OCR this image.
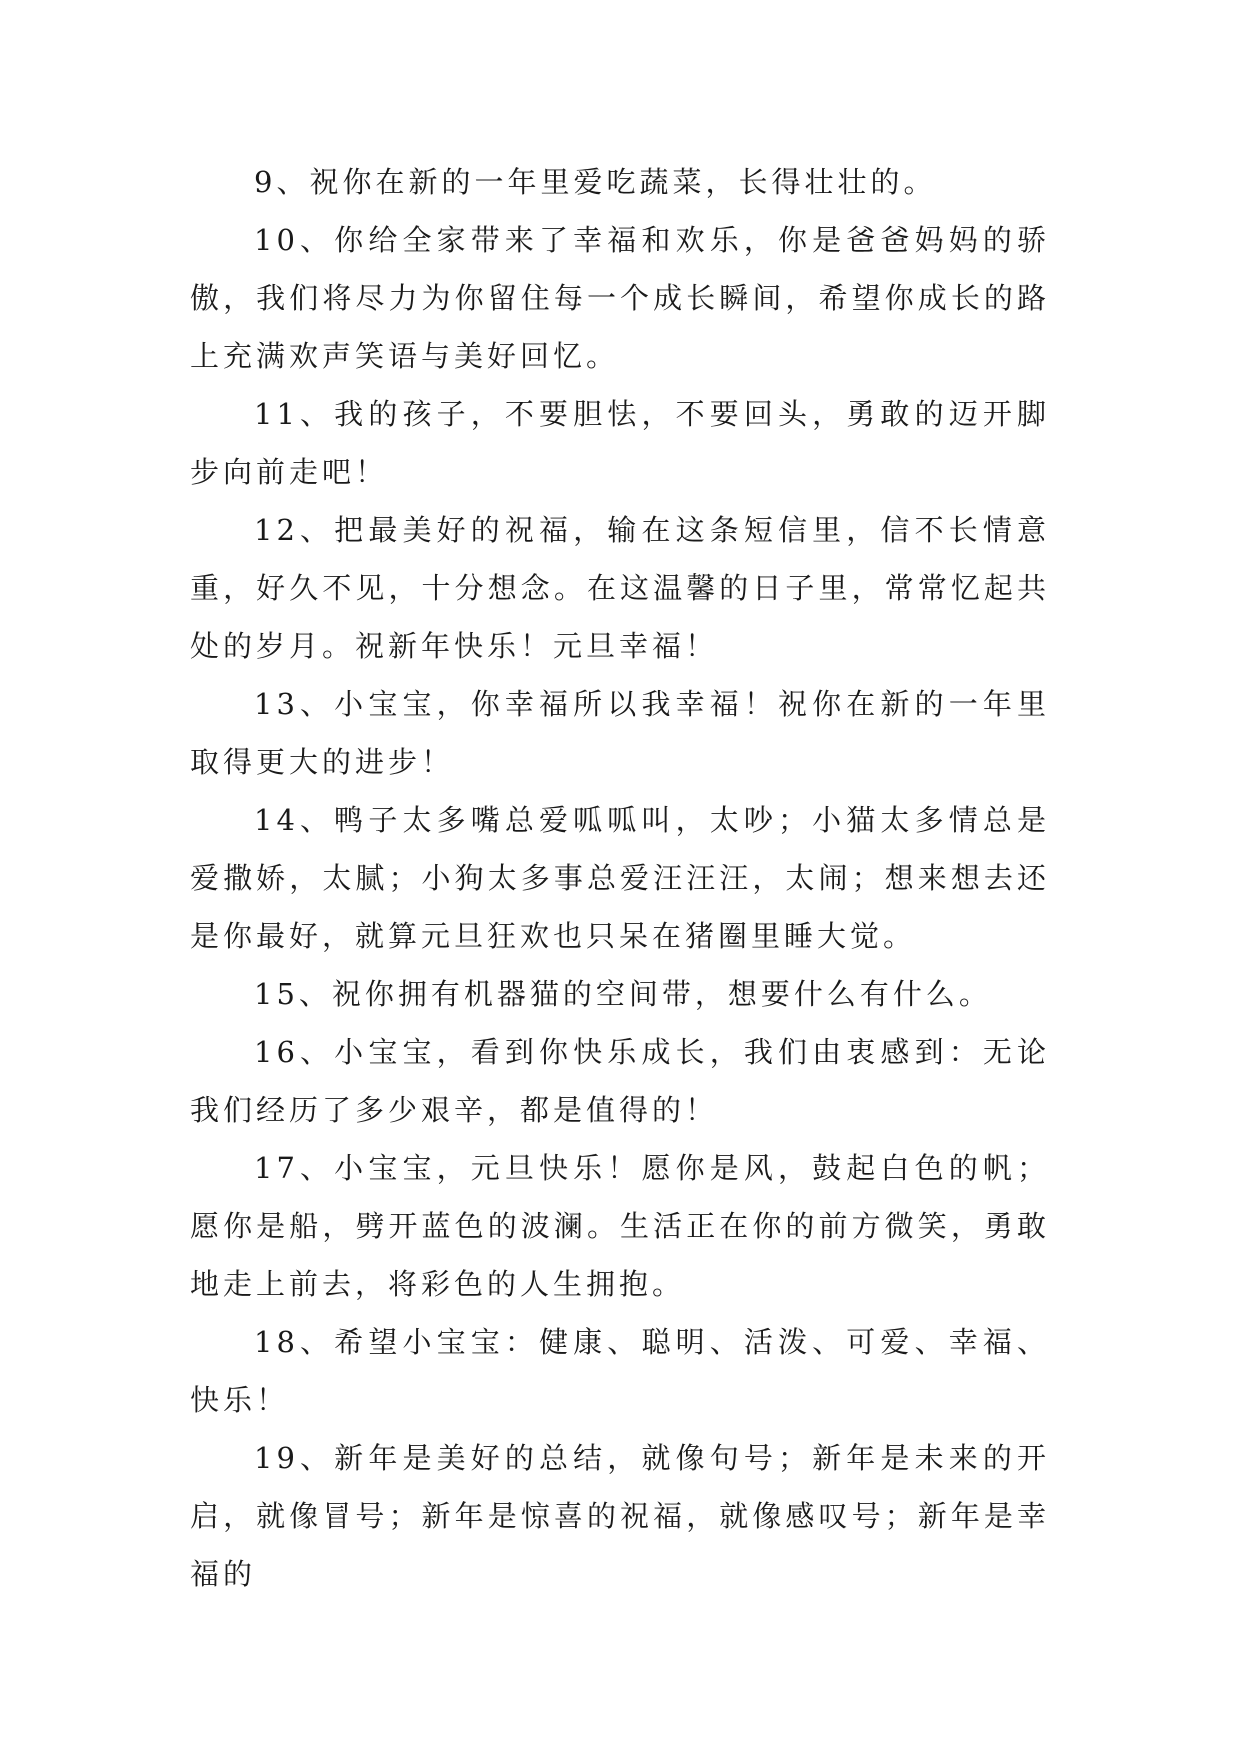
9、祝你在新的一年里爱吃蔬菜，长得壮壮的。

10、你给全家带来了幸福和欢乐，你是爸爸妈妈的骄傲，我们将尽力为你留住每一个成长瞬间，希望你成长的路上充满欢声笑语与美好回忆。

11、我的孩子，不要胆怯，不要回头，勇敢的迈开脚步向前走吧！

12、把最美好的祝福，输在这条短信里，信不长情意重，好久不见，十分想念。在这温馨的日子里，常常忆起共处的岁月。祝新年快乐！元旦幸福！

13、小宝宝，你幸福所以我幸福！祝你在新的一年里取得更大的进步！

14、鸭子太多嘴总爱呱呱叫，太吵；小猫太多情总是爱撒娇，太腻；小狗太多事总爱汪汪汪，太闹；想来想去还是你最好，就算元旦狂欢也只呆在猪圈里睡大觉。

15、祝你拥有机器猫的空间带，想要什么有什么。

16、小宝宝，看到你快乐成长，我们由衷感到：无论我们经历了多少艰辛，都是值得的！

17、小宝宝，元旦快乐！愿你是风，鼓起白色的帆；愿你是船，劈开蓝色的波澜。生活正在你的前方微笑，勇敢地走上前去，将彩色的人生拥抱。

18、希望小宝宝：健康、聪明、活泼、可爱、幸福、快乐！

19、新年是美好的总结，就像句号；新年是未来的开启，就像冒号；新年是惊喜的祝福，就像感叹号；新年是幸福的
